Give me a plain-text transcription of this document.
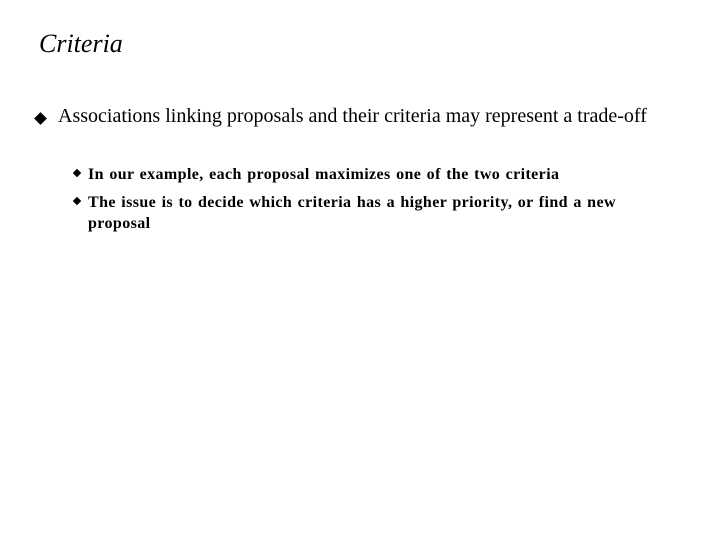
Criteria
Associations linking proposals and their criteria may represent a trade-off
In our example, each proposal maximizes one of the two criteria
The issue is to decide which criteria has a higher priority, or find a new proposal
